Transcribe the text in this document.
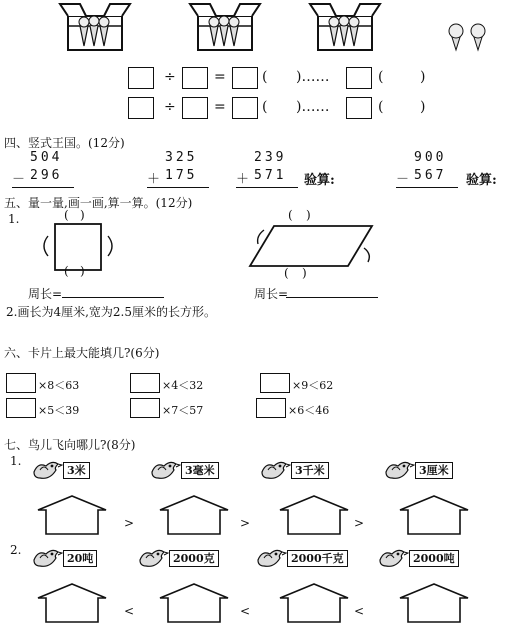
÷	=	( )……	(	)
÷	=	( )……	(	)
四、竖式王国。(12分)
504
－ 296
325
＋ 175
239
＋ 571 验算:
900
－ 567 验算:
五、量一量,画一画,算一算。(12分)
1.	( )
( )
周长=
( )
( )
周长=
2.画长为4厘米,宽为2.5厘米的长方形。
六、卡片上最大能填几?(6分)
×8＜63	×4＜32	×9＜62
×5＜39	×7＜57	×6＜46
七、鸟儿飞向哪儿?(8分)
1.
3米	3毫米	3千米	3厘米
>	>	>
2.
20吨	2000克	2000千克	2000吨
<	<	<
